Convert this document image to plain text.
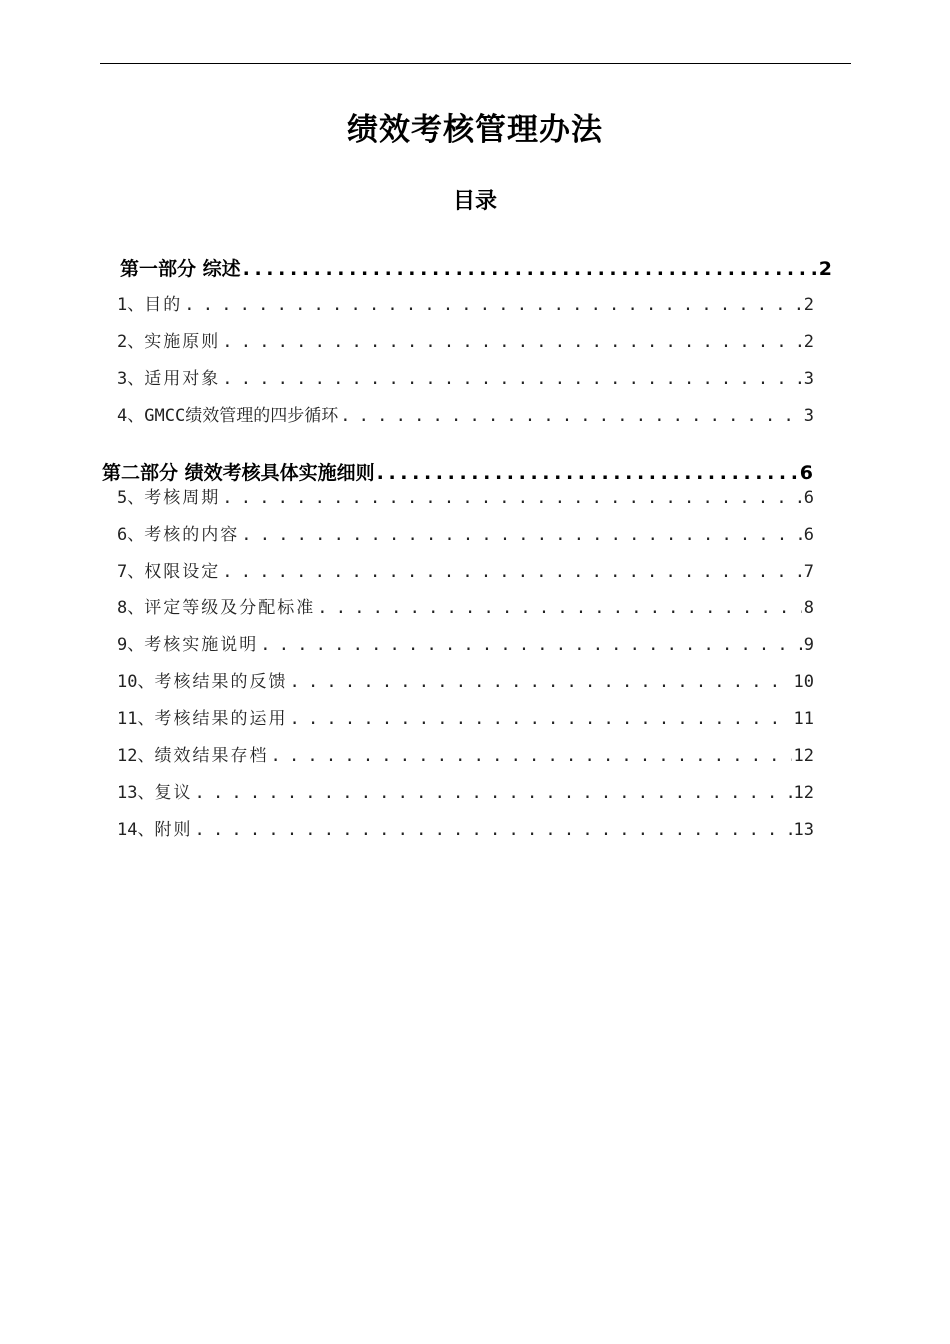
绩效考核管理办法
目录
第一部分 综述 . . .	2
1、 目的 . . .	2
2、 实施原则 . . .	2
3、 适用对象 . . .	3
4、 GMCC绩效管理的四步循环 . . .	3
第二部分 绩效考核具体实施细则 . . .	6
5、 考核周期 . . .	6
6、 考核的内容 . . .	6
7、 权限设定 . . .	7
8、 评定等级及分配标准 . . .	8
9、 考核实施说明 . . .	9
10、 考核结果的反馈 . . .	10
11、 考核结果的运用 . . .	11
12、 绩效结果存档 . . .	12
13、 复议 . . .	12
14、 附则 . . .	13
